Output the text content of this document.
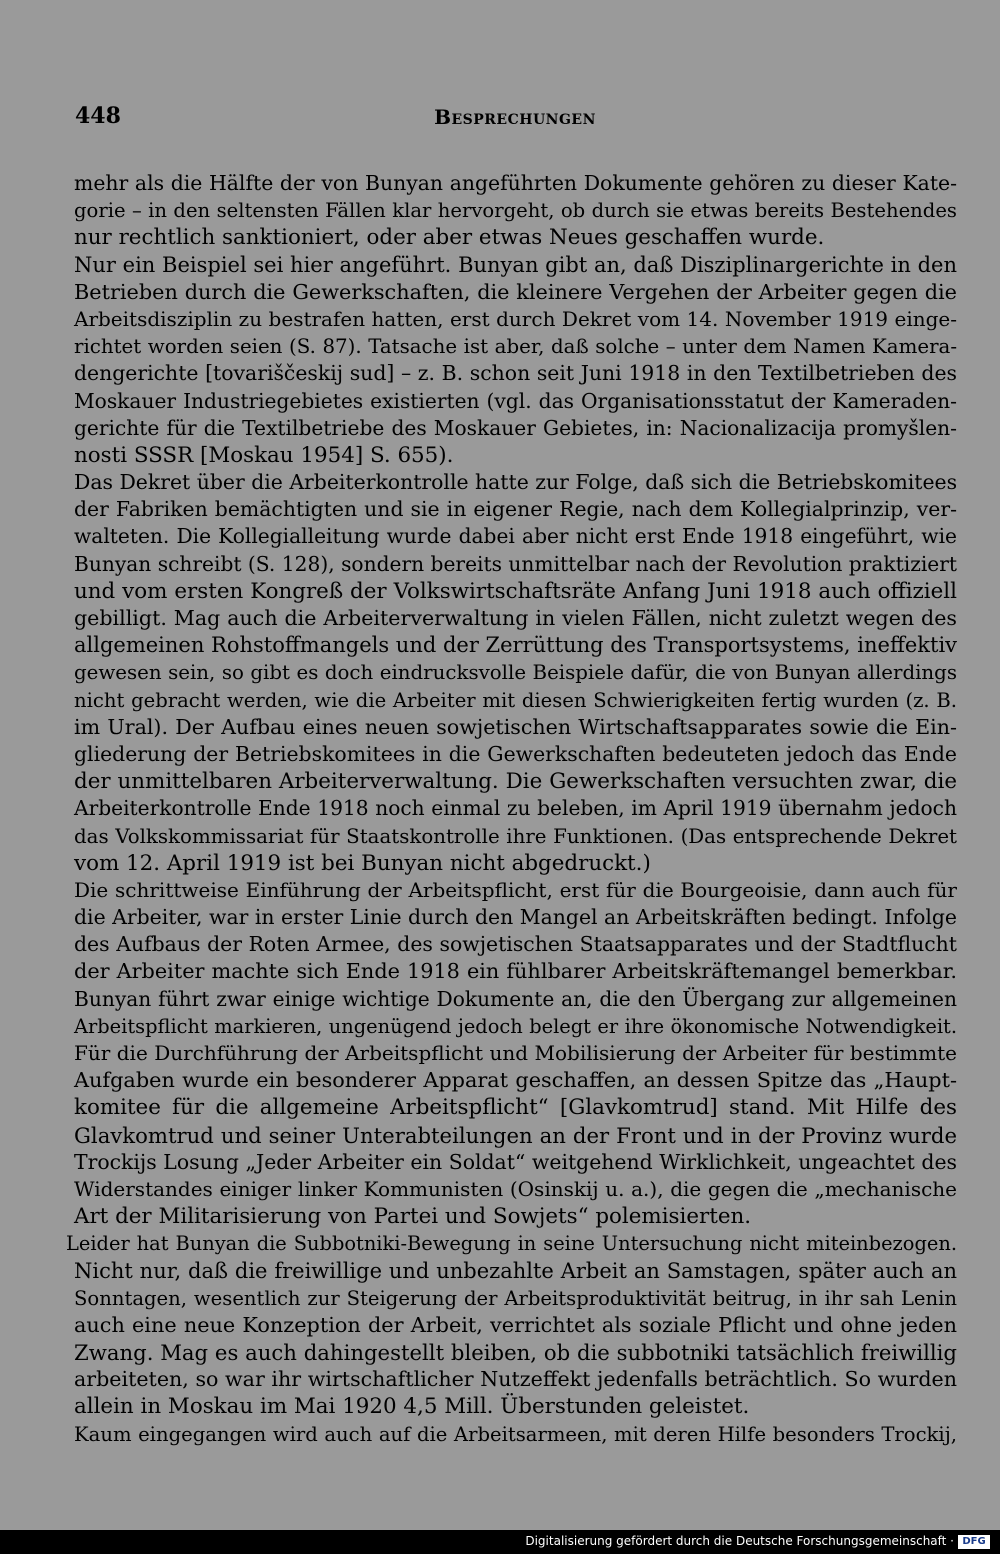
448	Besprechungen
mehr als die Hälfte der von Bunyan angeführten Dokumente gehören zu dieser Kate-
gorie – in den seltensten Fällen klar hervorgeht, ob durch sie etwas bereits Bestehendes
nur rechtlich sanktioniert, oder aber etwas Neues geschaffen wurde.
Nur ein Beispiel sei hier angeführt. Bunyan gibt an, daß Disziplinargerichte in den
Betrieben durch die Gewerkschaften, die kleinere Vergehen der Arbeiter gegen die
Arbeitsdisziplin zu bestrafen hatten, erst durch Dekret vom 14. November 1919 einge-
richtet worden seien (S. 87). Tatsache ist aber, daß solche – unter dem Namen Kamera-
dengerichte [tovariščeskij sud] – z. B. schon seit Juni 1918 in den Textilbetrieben des
Moskauer Industriegebietes existierten (vgl. das Organisationsstatut der Kameraden-
gerichte für die Textilbetriebe des Moskauer Gebietes, in: Nacionalizacija promyšlen-
nosti SSSR [Moskau 1954] S. 655).
Das Dekret über die Arbeiterkontrolle hatte zur Folge, daß sich die Betriebskomitees
der Fabriken bemächtigten und sie in eigener Regie, nach dem Kollegialprinzip, ver-
walteten. Die Kollegialleitung wurde dabei aber nicht erst Ende 1918 eingeführt, wie
Bunyan schreibt (S. 128), sondern bereits unmittelbar nach der Revolution praktiziert
und vom ersten Kongreß der Volkswirtschaftsräte Anfang Juni 1918 auch offiziell
gebilligt. Mag auch die Arbeiterverwaltung in vielen Fällen, nicht zuletzt wegen des
allgemeinen Rohstoffmangels und der Zerrüttung des Transportsystems, ineffektiv
gewesen sein, so gibt es doch eindrucksvolle Beispiele dafür, die von Bunyan allerdings
nicht gebracht werden, wie die Arbeiter mit diesen Schwierigkeiten fertig wurden (z. B.
im Ural). Der Aufbau eines neuen sowjetischen Wirtschaftsapparates sowie die Ein-
gliederung der Betriebskomitees in die Gewerkschaften bedeuteten jedoch das Ende
der unmittelbaren Arbeiterverwaltung. Die Gewerkschaften versuchten zwar, die
Arbeiterkontrolle Ende 1918 noch einmal zu beleben, im April 1919 übernahm jedoch
das Volkskommissariat für Staatskontrolle ihre Funktionen. (Das entsprechende Dekret
vom 12. April 1919 ist bei Bunyan nicht abgedruckt.)
Die schrittweise Einführung der Arbeitspflicht, erst für die Bourgeoisie, dann auch für
die Arbeiter, war in erster Linie durch den Mangel an Arbeitskräften bedingt. Infolge
des Aufbaus der Roten Armee, des sowjetischen Staatsapparates und der Stadtflucht
der Arbeiter machte sich Ende 1918 ein fühlbarer Arbeitskräftemangel bemerkbar.
Bunyan führt zwar einige wichtige Dokumente an, die den Übergang zur allgemeinen
Arbeitspflicht markieren, ungenügend jedoch belegt er ihre ökonomische Notwendigkeit.
Für die Durchführung der Arbeitspflicht und Mobilisierung der Arbeiter für bestimmte
Aufgaben wurde ein besonderer Apparat geschaffen, an dessen Spitze das „Haupt-
komitee für die allgemeine Arbeitspflicht“ [Glavkomtrud] stand. Mit Hilfe des
Glavkomtrud und seiner Unterabteilungen an der Front und in der Provinz wurde
Trockijs Losung „Jeder Arbeiter ein Soldat“ weitgehend Wirklichkeit, ungeachtet des
Widerstandes einiger linker Kommunisten (Osinskij u. a.), die gegen die „mechanische
Art der Militarisierung von Partei und Sowjets“ polemisierten.
Leider hat Bunyan die Subbotniki-Bewegung in seine Untersuchung nicht miteinbezogen.
Nicht nur, daß die freiwillige und unbezahlte Arbeit an Samstagen, später auch an
Sonntagen, wesentlich zur Steigerung der Arbeitsproduktivität beitrug, in ihr sah Lenin
auch eine neue Konzeption der Arbeit, verrichtet als soziale Pflicht und ohne jeden
Zwang. Mag es auch dahingestellt bleiben, ob die subbotniki tatsächlich freiwillig
arbeiteten, so war ihr wirtschaftlicher Nutzeffekt jedenfalls beträchtlich. So wurden
allein in Moskau im Mai 1920 4,5 Mill. Überstunden geleistet.
Kaum eingegangen wird auch auf die Arbeitsarmeen, mit deren Hilfe besonders Trockij,
Digitalisierung gefördert durch die Deutsche Forschungsgemeinschaft · DFG
